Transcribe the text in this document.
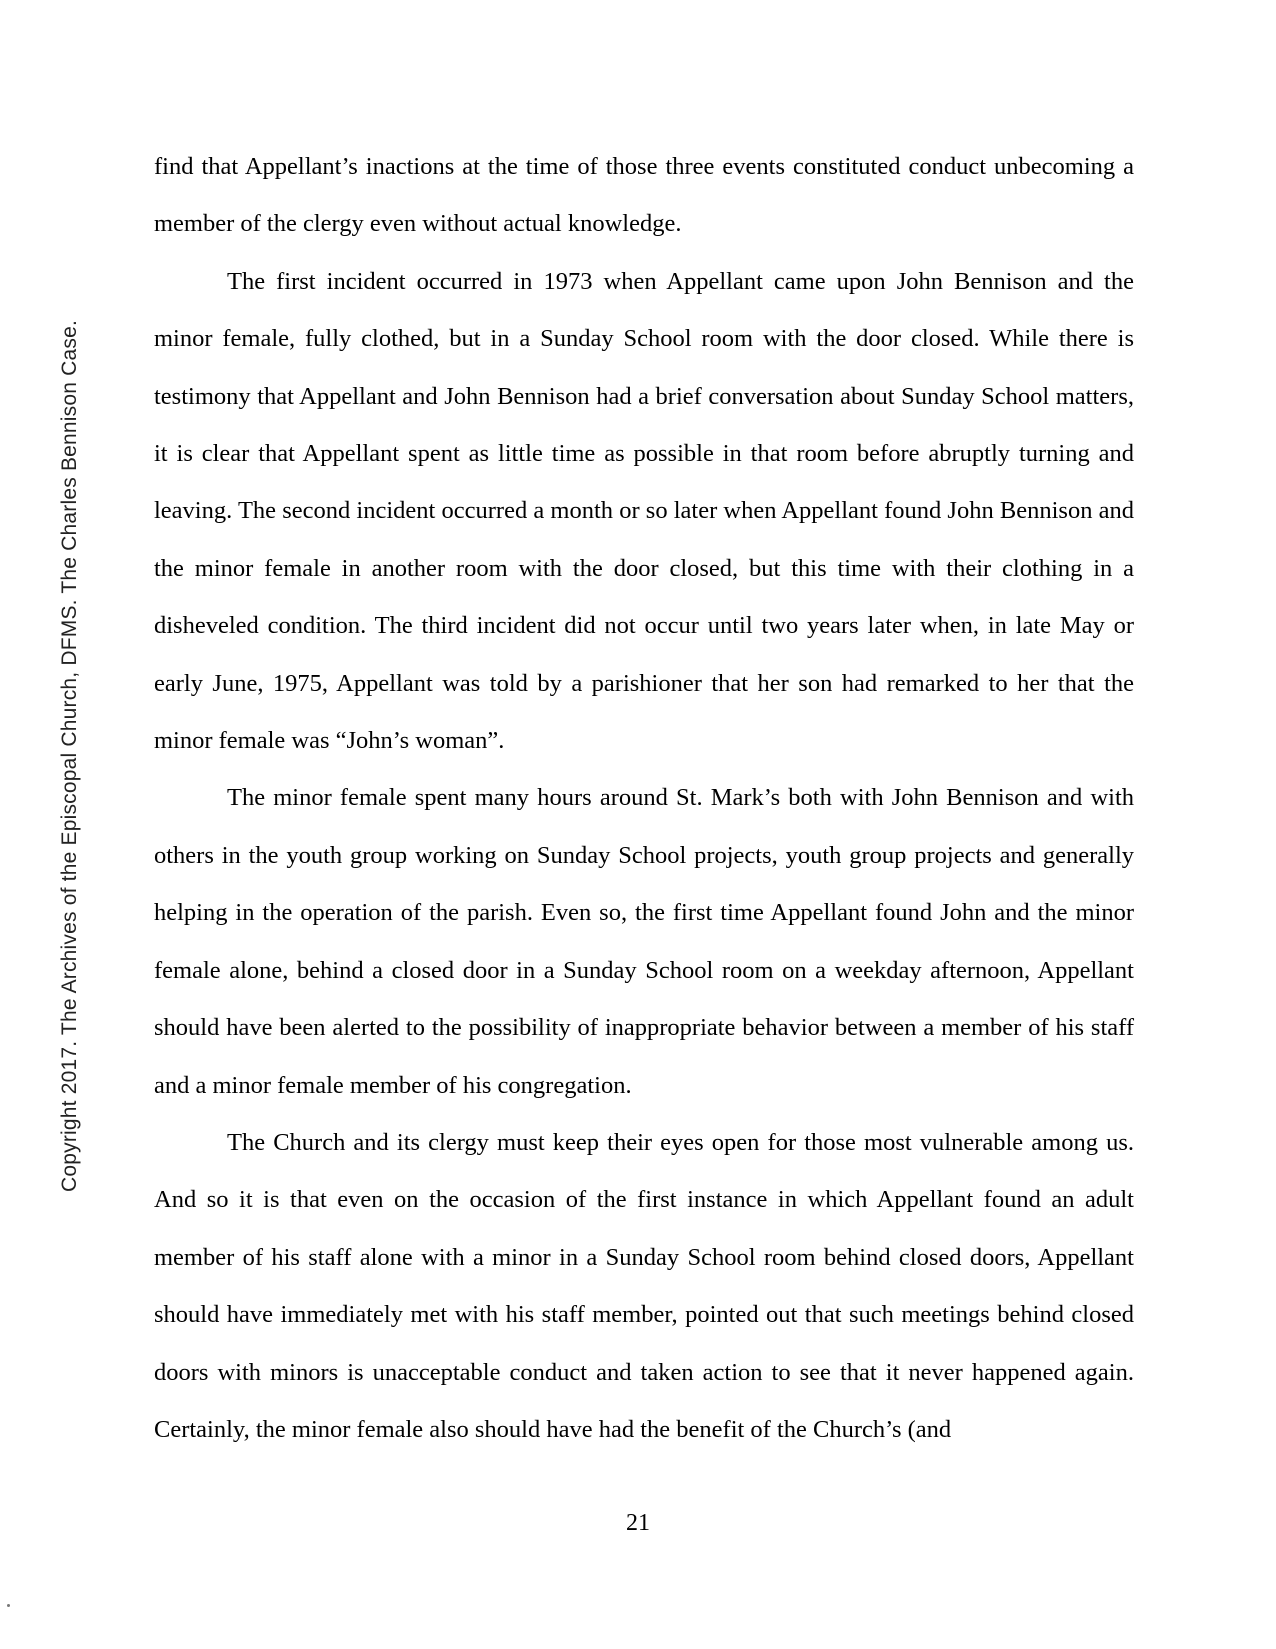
Copyright 2017. The Archives of the Episcopal Church, DFMS. The Charles Bennison Case.

find that Appellant’s inactions at the time of those three events constituted conduct unbecoming a member of the clergy even without actual knowledge.

The first incident occurred in 1973 when Appellant came upon John Bennison and the minor female, fully clothed, but in a Sunday School room with the door closed. While there is testimony that Appellant and John Bennison had a brief conversation about Sunday School matters, it is clear that Appellant spent as little time as possible in that room before abruptly turning and leaving. The second incident occurred a month or so later when Appellant found John Bennison and the minor female in another room with the door closed, but this time with their clothing in a disheveled condition. The third incident did not occur until two years later when, in late May or early June, 1975, Appellant was told by a parishioner that her son had remarked to her that the minor female was “John’s woman”.

The minor female spent many hours around St. Mark’s both with John Bennison and with others in the youth group working on Sunday School projects, youth group projects and generally helping in the operation of the parish. Even so, the first time Appellant found John and the minor female alone, behind a closed door in a Sunday School room on a weekday afternoon, Appellant should have been alerted to the possibility of inappropriate behavior between a member of his staff and a minor female member of his congregation.

The Church and its clergy must keep their eyes open for those most vulnerable among us. And so it is that even on the occasion of the first instance in which Appellant found an adult member of his staff alone with a minor in a Sunday School room behind closed doors, Appellant should have immediately met with his staff member, pointed out that such meetings behind closed doors with minors is unacceptable conduct and taken action to see that it never happened again. Certainly, the minor female also should have had the benefit of the Church’s (and

21
